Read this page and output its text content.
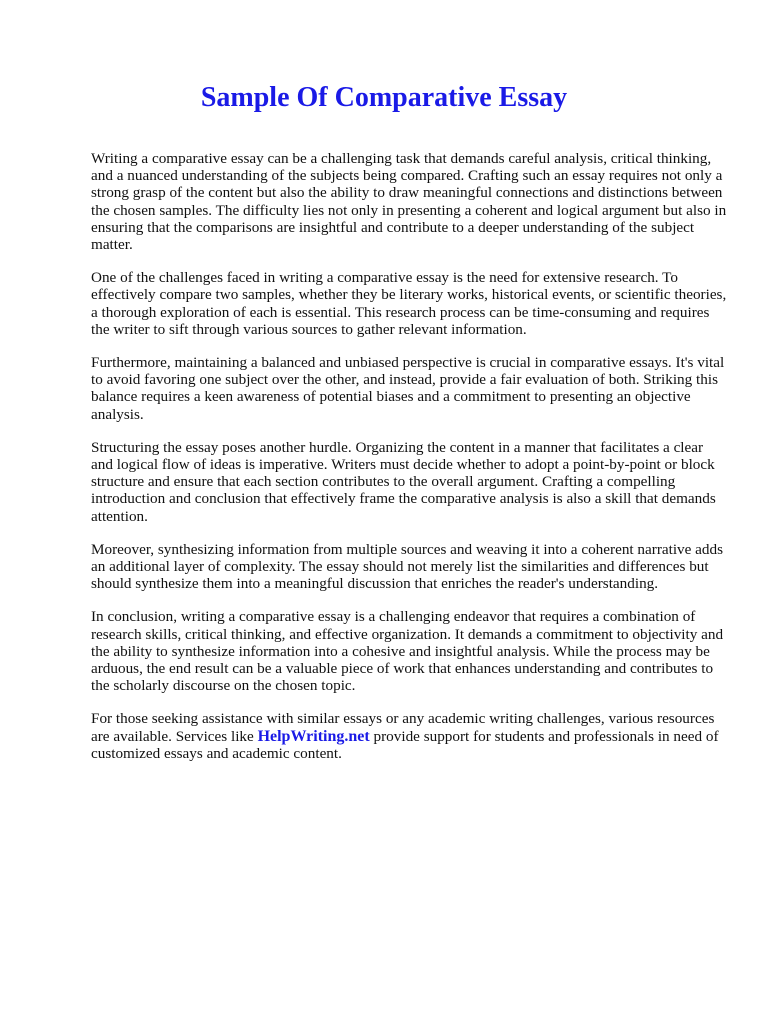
Sample Of Comparative Essay

Writing a comparative essay can be a challenging task that demands careful analysis, critical thinking, and a nuanced understanding of the subjects being compared. Crafting such an essay requires not only a strong grasp of the content but also the ability to draw meaningful connections and distinctions between the chosen samples. The difficulty lies not only in presenting a coherent and logical argument but also in ensuring that the comparisons are insightful and contribute to a deeper understanding of the subject matter.

One of the challenges faced in writing a comparative essay is the need for extensive research. To effectively compare two samples, whether they be literary works, historical events, or scientific theories, a thorough exploration of each is essential. This research process can be time-consuming and requires the writer to sift through various sources to gather relevant information.

Furthermore, maintaining a balanced and unbiased perspective is crucial in comparative essays. It's vital to avoid favoring one subject over the other, and instead, provide a fair evaluation of both. Striking this balance requires a keen awareness of potential biases and a commitment to presenting an objective analysis.

Structuring the essay poses another hurdle. Organizing the content in a manner that facilitates a clear and logical flow of ideas is imperative. Writers must decide whether to adopt a point-by-point or block structure and ensure that each section contributes to the overall argument. Crafting a compelling introduction and conclusion that effectively frame the comparative analysis is also a skill that demands attention.

Moreover, synthesizing information from multiple sources and weaving it into a coherent narrative adds an additional layer of complexity. The essay should not merely list the similarities and differences but should synthesize them into a meaningful discussion that enriches the reader's understanding.

In conclusion, writing a comparative essay is a challenging endeavor that requires a combination of research skills, critical thinking, and effective organization. It demands a commitment to objectivity and the ability to synthesize information into a cohesive and insightful analysis. While the process may be arduous, the end result can be a valuable piece of work that enhances understanding and contributes to the scholarly discourse on the chosen topic.

For those seeking assistance with similar essays or any academic writing challenges, various resources are available. Services like HelpWriting.net provide support for students and professionals in need of customized essays and academic content.
